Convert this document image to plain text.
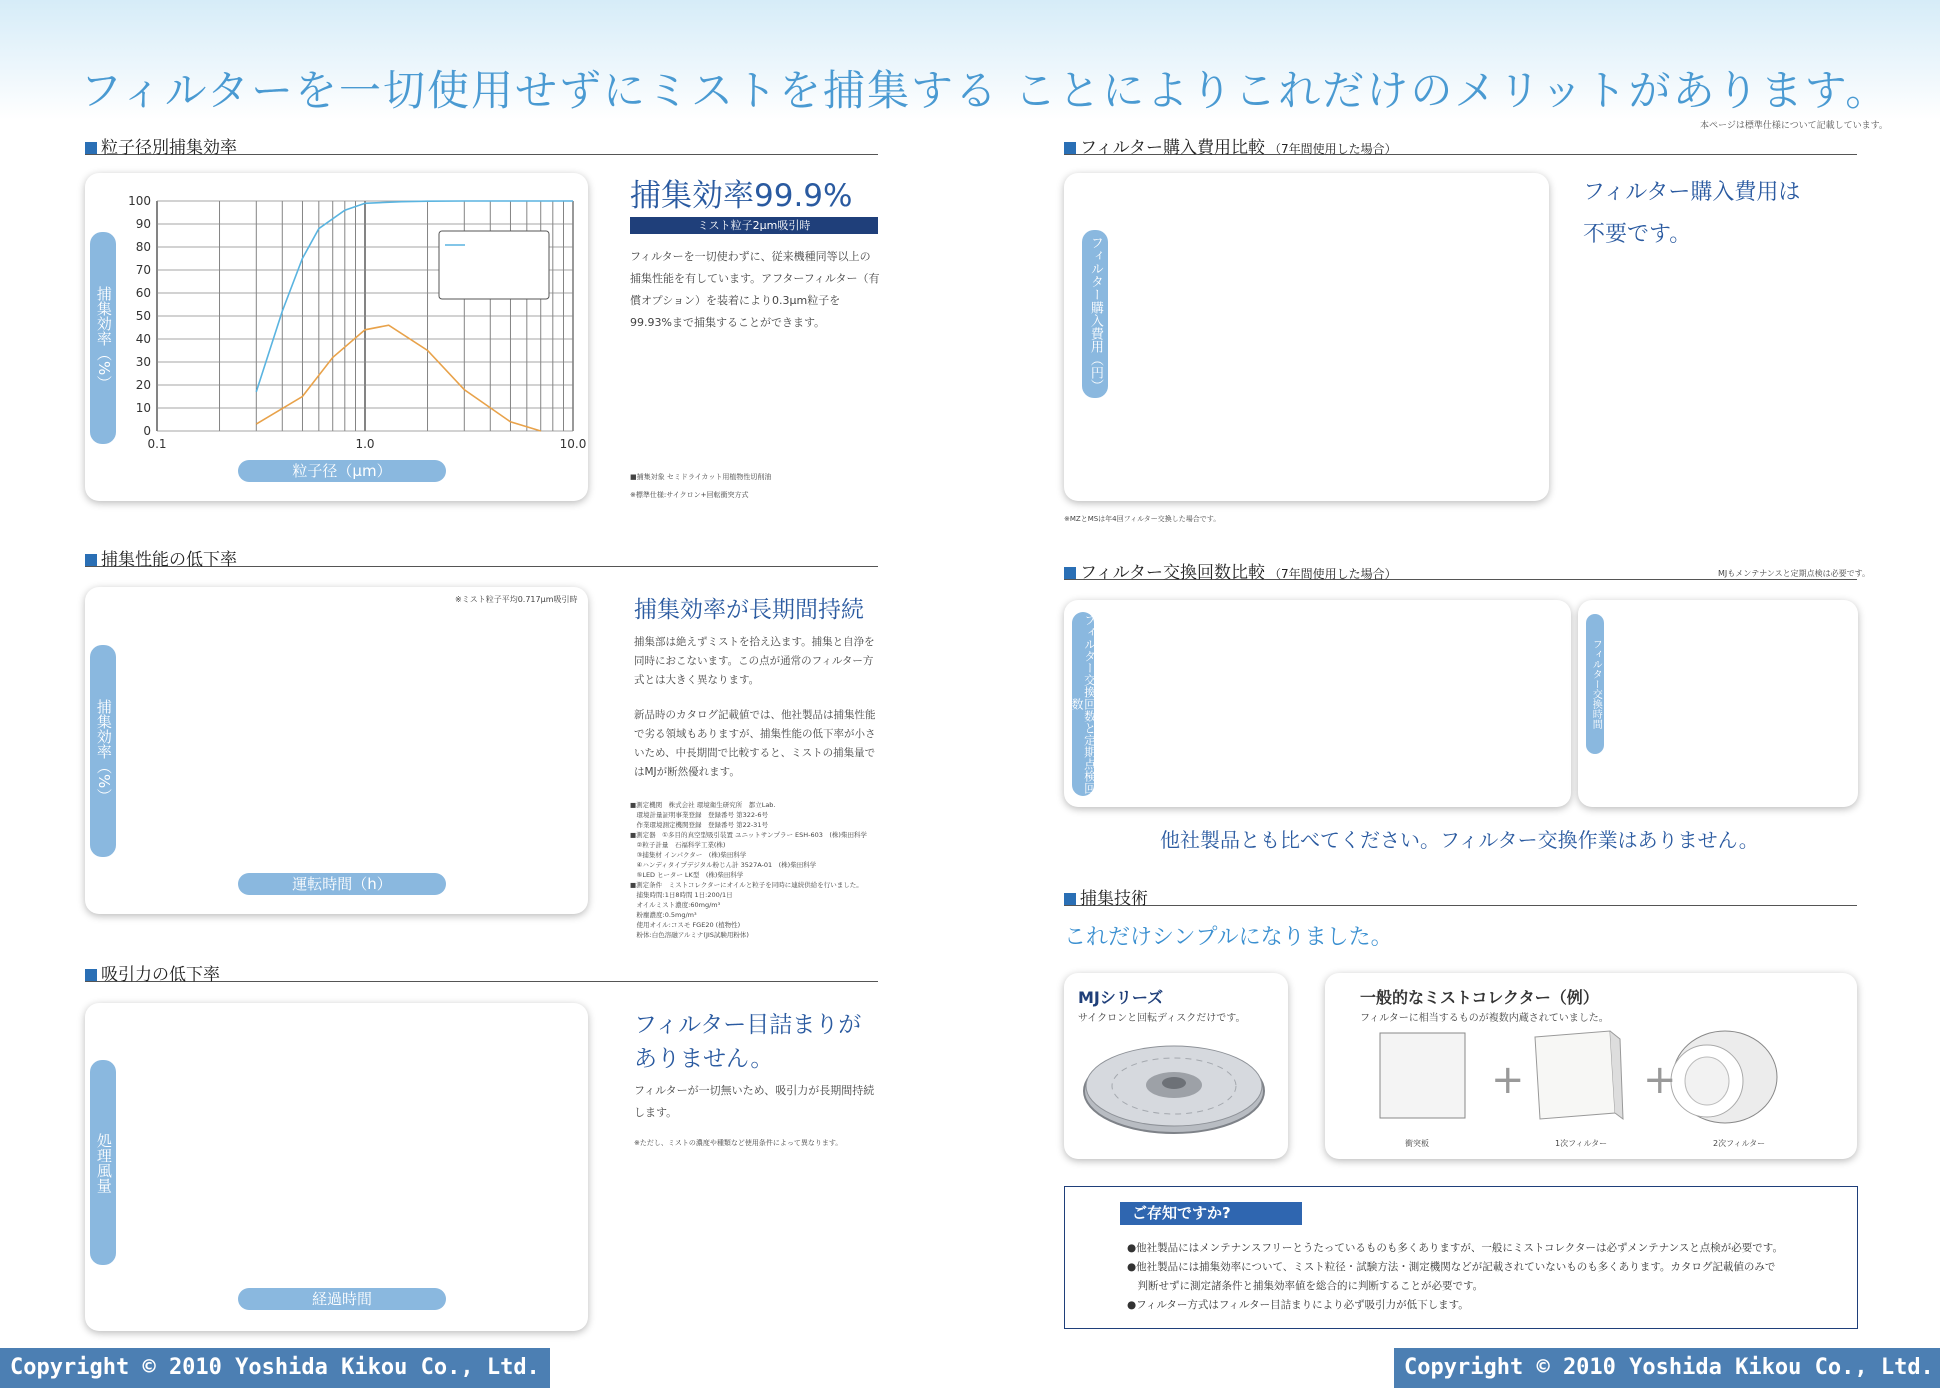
フィルターを一切使用せずにミストを捕集する ことによりこれだけのメリットがあります。
本ページは標準仕様について記載しています。
粒子径別捕集効率
0
10
20
30
40
50
60
70
80
90
100
0.1	1.0	10.0
粒子径（μm）
捕集効率（%）
捕集効率99.9%
ミスト粒子2μm吸引時
フィルターを一切使わずに、従来機種同等以上の捕集性能を有しています。アフターフィルター（有償オプション）を装着により0.3μm粒子を99.93%まで捕集することができます。
■捕集対象 セミドライカット用植物性切削油
※標準仕様:サイクロン+回転衝突方式
捕集性能の低下率
※ミスト粒子平均0.717μm吸引時
運転時間（h）
捕集効率（%）
捕集効率が長期間持続
捕集部は絶えずミストを拾え込ます。捕集と自浄を同時におこないます。この点が通常のフィルター方式とは大きく異なります。
新品時のカタログ記載値では、他社製品は捕集性能で劣る領域もありますが、捕集性能の低下率が小さいため、中長期間で比較すると、ミストの捕集量ではMJが断然優れます。
■測定機関　株式会社 環境衛生研究所　都立Lab.
　環境計量証明事業登録　登録番号 第322-6号
　作業環境測定機関登録　登録番号 第22-31号
■測定器　①多目的真空型吸引装置 ユニットサンプラー ESH-603　(株)柴田科学
　②粒子計量　石福科学工業(株)
　③捕集材 インパクター　(株)柴田科学
　④ハンディタイプデジタル粉じん計 3527A-01　(株)柴田科学
　⑤LED ヒーター LK型　(株)柴田科学
■測定条件　ミストコレクターにオイルと粒子を同時に連続供給を行いました。
　捕集時間:1日8時間 1日:200/1日
　オイルミスト濃度:60mg/m³
　粉塵濃度:0.5mg/m³
　使用オイル:コスモ FGE20 (植物性)
　粉体:白色溶融アルミナ(JIS試験用粉体)
吸引力の低下率
経過時間
処理風量
フィルター目詰まりが
ありません。
フィルターが一切無いため、吸引力が長期間持続します。
※ただし、ミストの濃度や種類など使用条件によって異なります。
フィルター購入費用比較 （7年間使用した場合）
フィルター購入費用（円）
フィルター購入費用は
不要です。
※MZとMSは年4回フィルター交換した場合です。
フィルター交換回数比較 （7年間使用した場合）	MJもメンテナンスと定期点検は必要です。
フィルター交換回数と定期点検回数	フィルター交換時間
他社製品とも比べてください。フィルター交換作業はありません。
捕集技術
これだけシンプルになりました。
MJシリーズ
サイクロンと回転ディスクだけです。
一般的なミストコレクター（例）
フィルターに相当するものが複数内蔵されていました。
+	+
衝突板	1次フィルター	2次フィルター
ご存知ですか?
●他社製品にはメンテナンスフリーとうたっているものも多くありますが、一般にミストコレクターは必ずメンテナンスと点検が必要です。
●他社製品には捕集効率について、ミスト粒径・試験方法・測定機関などが記載されていないものも多くあります。カタログ記載値のみで
　判断せずに測定諸条件と捕集効率値を総合的に判断することが必要です。
●フィルター方式はフィルター目詰まりにより必ず吸引力が低下します。
Copyright © 2010 Yoshida Kikou Co., Ltd.	Copyright © 2010 Yoshida Kikou Co., Ltd.
